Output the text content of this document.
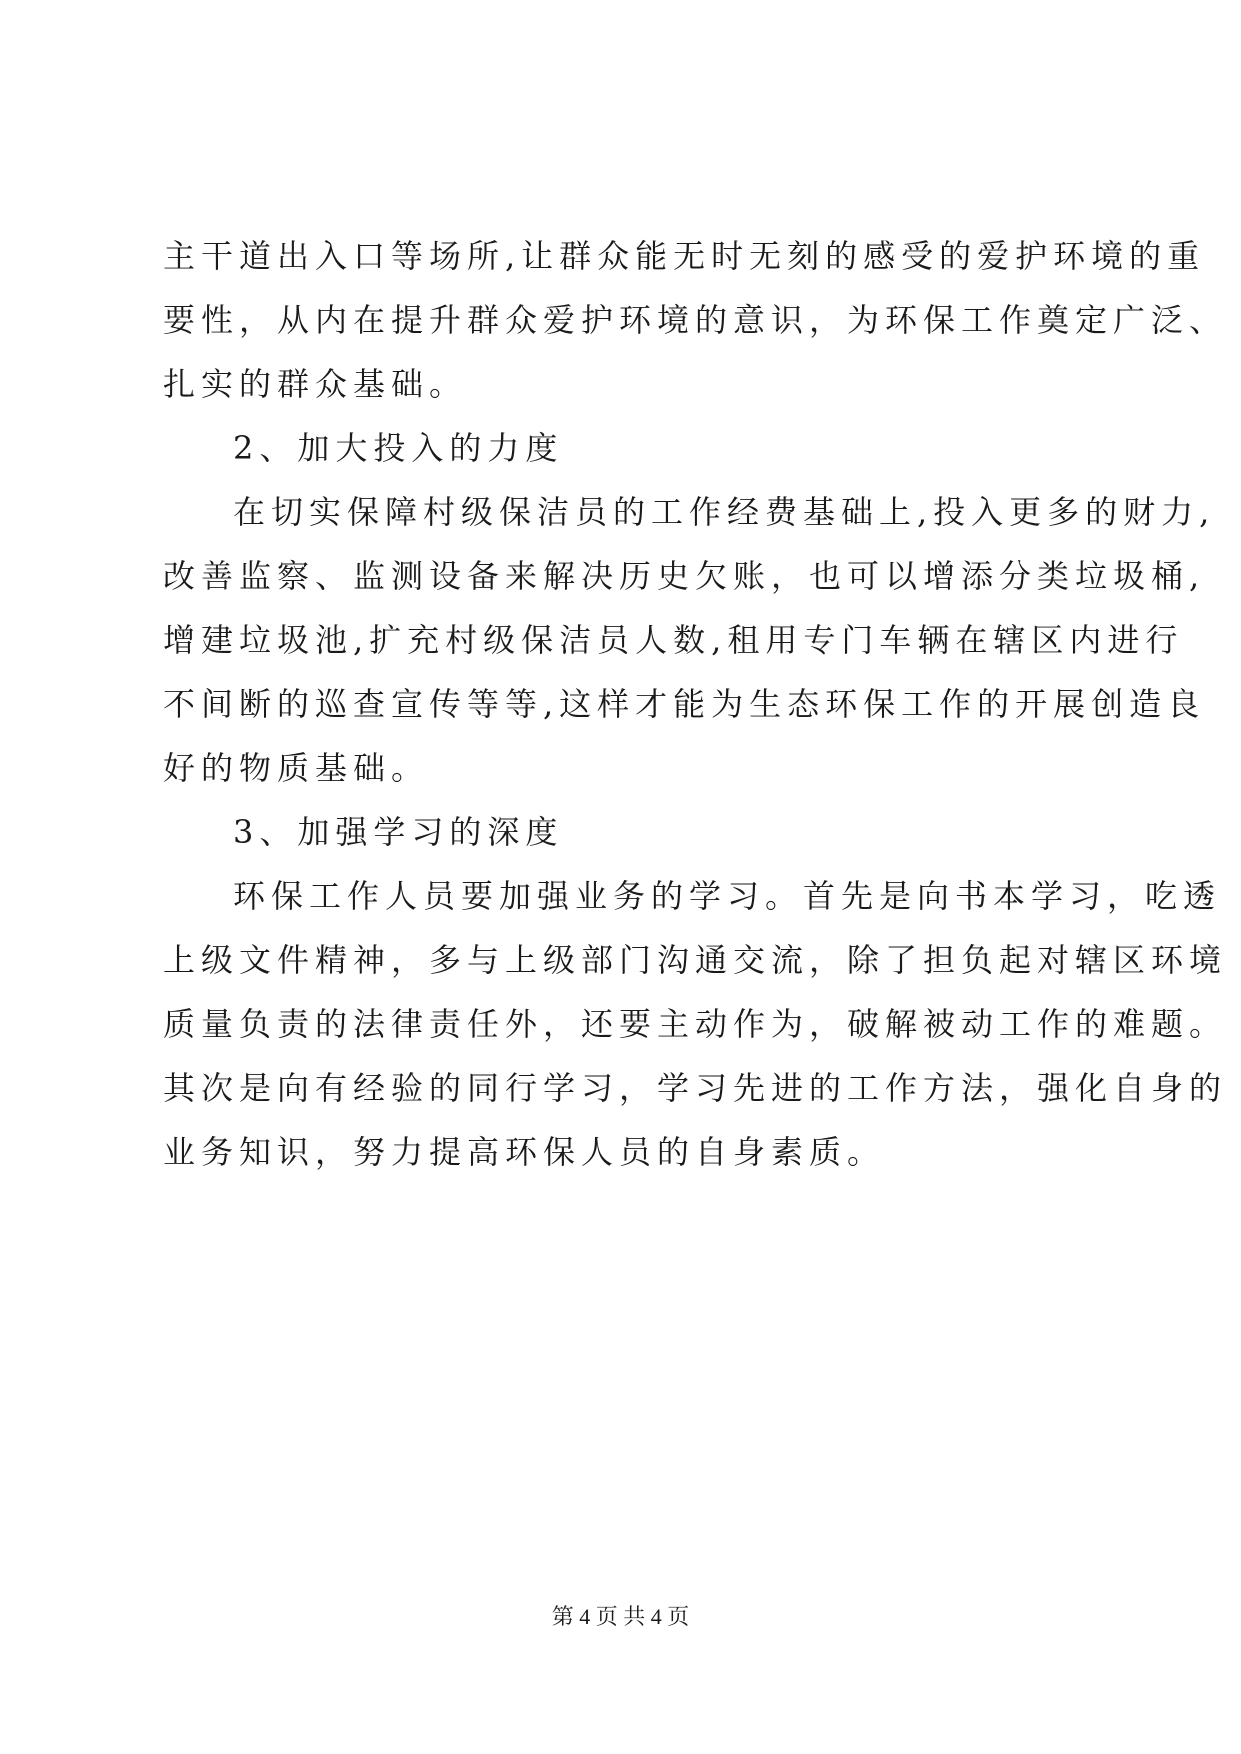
主干道出入口等场所,让群众能无时无刻的感受的爱护环境的重

要性，从内在提升群众爱护环境的意识，为环保工作奠定广泛、

扎实的群众基础。

2、加大投入的力度

在切实保障村级保洁员的工作经费基础上,投入更多的财力,

改善监察、监测设备来解决历史欠账，也可以增添分类垃圾桶,

增建垃圾池,扩充村级保洁员人数,租用专门车辆在辖区内进行

不间断的巡查宣传等等,这样才能为生态环保工作的开展创造良

好的物质基础。

3、加强学习的深度

环保工作人员要加强业务的学习。首先是向书本学习，吃透

上级文件精神，多与上级部门沟通交流，除了担负起对辖区环境

质量负责的法律责任外，还要主动作为，破解被动工作的难题。

其次是向有经验的同行学习，学习先进的工作方法，强化自身的

业务知识，努力提高环保人员的自身素质。

第 4 页 共 4 页
